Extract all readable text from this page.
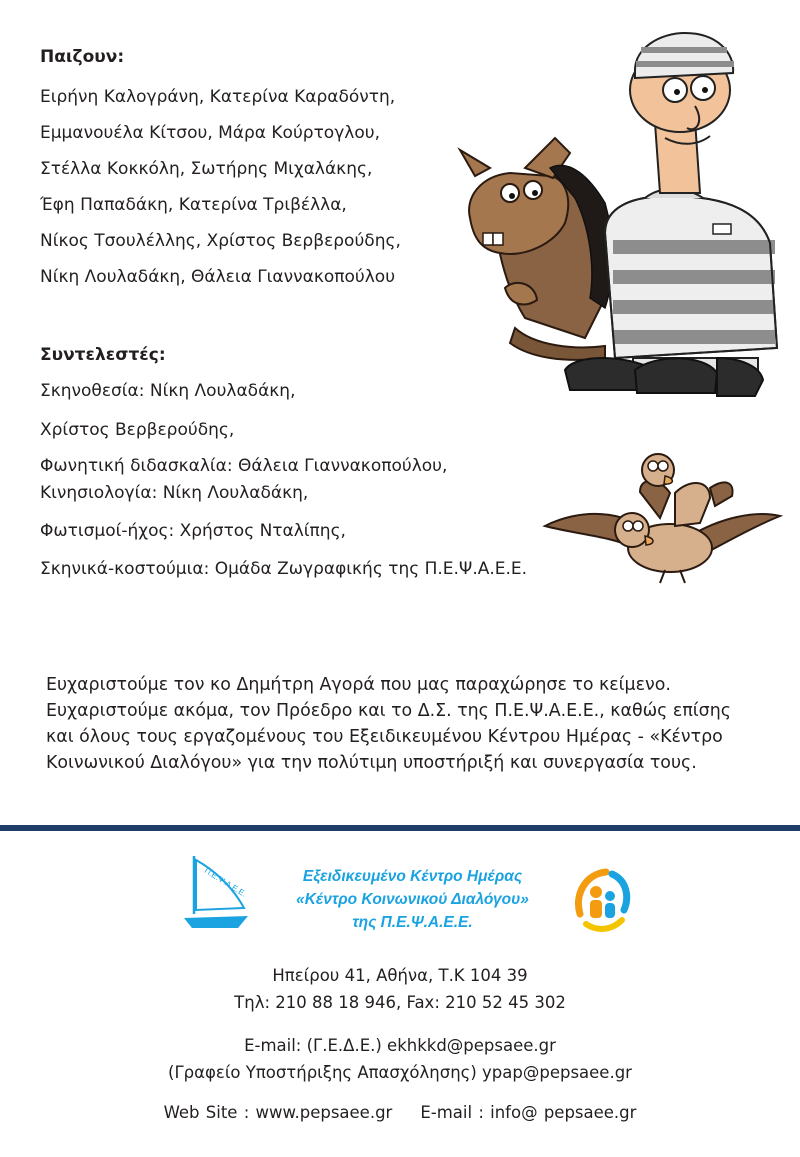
Παιζουν:
Ειρήνη Καλογράνη, Κατερίνα Καραδόντη,
Εμμανουέλα Κίτσου, Μάρα Κούρτογλου,
Στέλλα Κοκκόλη, Σωτήρης Μιχαλάκης,
Έφη Παπαδάκη, Κατερίνα Τριβέλλα,
Νίκος Τσουλέλλης, Χρίστος Βερβερούδης,
Νίκη Λουλαδάκη, Θάλεια Γιαννακοπούλου
Συντελεστές:
Σκηνοθεσία: Νίκη Λουλαδάκη,
Χρίστος Βερβερούδης,
Φωνητική διδασκαλία: Θάλεια Γιαννακοπούλου,
Κινησιολογία: Νίκη Λουλαδάκη,
Φωτισμοί-ήχος: Χρήστος Νταλίπης,
Σκηνικά-κοστούμια: Ομάδα Ζωγραφικής της Π.Ε.Ψ.Α.Ε.Ε.
Ευχαριστούμε τον κο Δημήτρη Αγορά που μας παραχώρησε το κείμενο.
Ευχαριστούμε ακόμα, τον Πρόεδρο και το Δ.Σ. της Π.Ε.Ψ.Α.Ε.Ε., καθώς επίσης
και όλους τους εργαζομένους του Εξειδικευμένου Κέντρου Ημέρας - «Κέντρο
Κοινωνικού Διαλόγου» για την πολύτιμη υποστήριξή και συνεργασία τους.
Π.Ε.Ψ.Α.Ε.Ε.	Εξειδικευμένο Κέντρο Ημέρας
«Κέντρο Κοινωνικού Διαλόγου»
της Π.Ε.Ψ.Α.Ε.Ε.
Ηπείρου 41, Αθήνα, Τ.Κ 104 39
Τηλ: 210 88 18 946, Fax: 210 52 45 302
E-mail: (Γ.Ε.Δ.Ε.) ekhkkd@pepsaee.gr
(Γραφείο Υποστήριξης Απασχόλησης) ypap@pepsaee.gr
Web Site : www.pepsaee.gr E-mail : info@ pepsaee.gr
